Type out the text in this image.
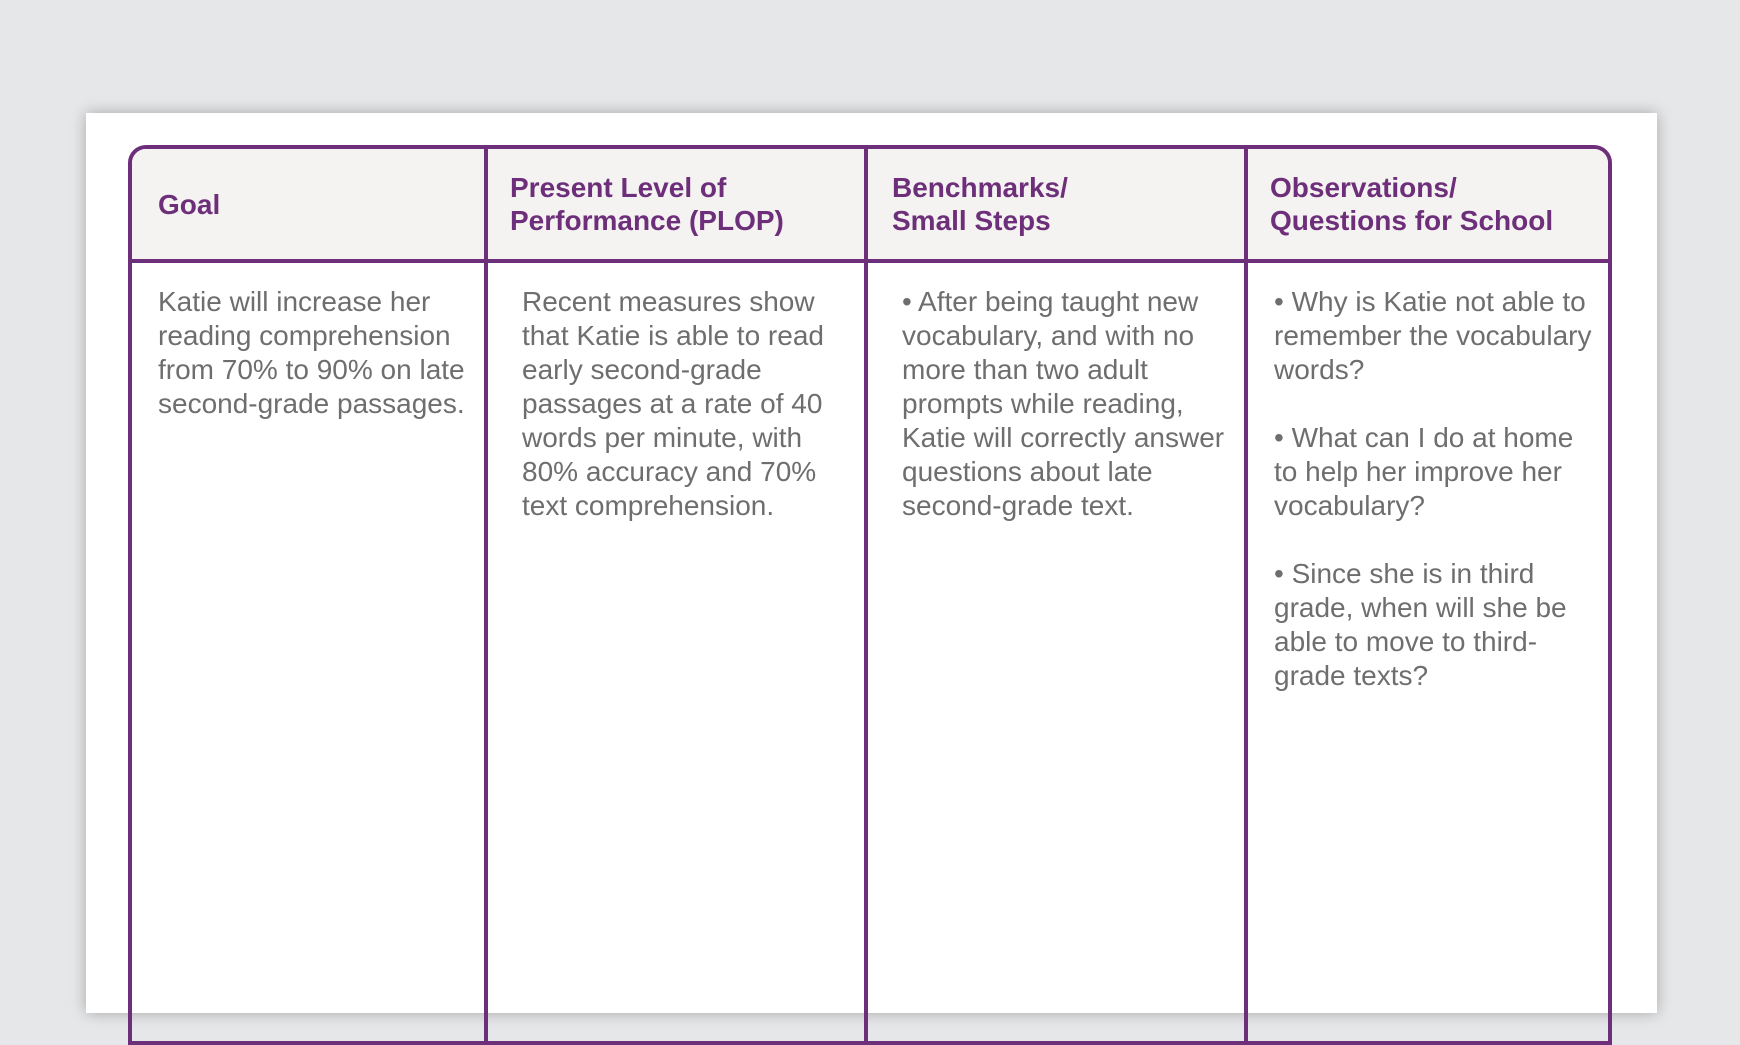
Goal
Present Level of
Performance (PLOP)
Benchmarks/
Small Steps
Observations/
Questions for School

Katie will increase her reading comprehension from 70% to 90% on late second-grade passages.

Recent measures show that Katie is able to read early second-grade passages at a rate of 40 words per minute, with 80% accuracy and 70% text comprehension.

• After being taught new vocabulary, and with no more than two adult prompts while reading, Katie will correctly answer questions about late second-grade text.

• Why is Katie not able to remember the vocabulary words?

• What can I do at home to help her improve her vocabulary?

• Since she is in third grade, when will she be able to move to third-grade texts?
